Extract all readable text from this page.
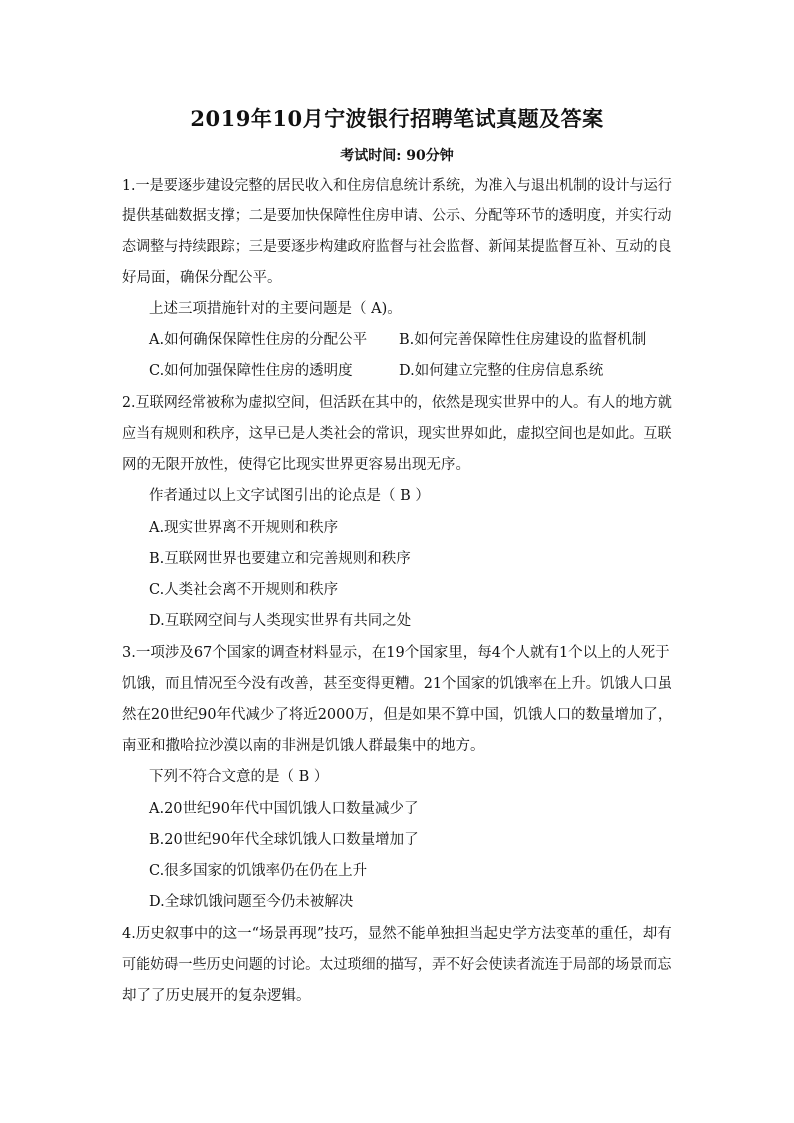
2019年10月宁波银行招聘笔试真题及答案
考试时间: 90分钟
1.一是要逐步建设完整的居民收入和住房信息统计系统，为准入与退出机制的设计与运行
提供基础数据支撑；二是要加快保障性住房申请、公示、分配等环节的透明度，并实行动
态调整与持续跟踪；三是要逐步构建政府监督与社会监督、新闻某提监督互补、互动的良
好局面，确保分配公平。
上述三项措施针对的主要问题是（ A)。
A.如何确保保障性住房的分配公平 B.如何完善保障性住房建设的监督机制
C.如何加强保障性住房的透明度	D.如何建立完整的住房信息系统
2.互联网经常被称为虚拟空间，但活跃在其中的，依然是现实世界中的人。有人的地方就
应当有规则和秩序，这早已是人类社会的常识，现实世界如此，虚拟空间也是如此。互联
网的无限开放性，使得它比现实世界更容易出现无序。
作者通过以上文字试图引出的论点是（ B ）
A.现实世界离不开规则和秩序
B.互联网世界也要建立和完善规则和秩序
C.人类社会离不开规则和秩序
D.互联网空间与人类现实世界有共同之处
3.一项涉及67个国家的调查材料显示，在19个国家里，每4个人就有1个以上的人死于
饥饿，而且情况至今没有改善，甚至变得更糟。21个国家的饥饿率在上升。饥饿人口虽
然在20世纪90年代减少了将近2000万，但是如果不算中国，饥饿人口的数量增加了，
南亚和撒哈拉沙漠以南的非洲是饥饿人群最集中的地方。
下列不符合文意的是（ B ）
A.20世纪90年代中国饥饿人口数量减少了
B.20世纪90年代全球饥饿人口数量增加了
C.很多国家的饥饿率仍在仍在上升
D.全球饥饿问题至今仍未被解决
4.历史叙事中的这一“场景再现”技巧，显然不能单独担当起史学方法变革的重任，却有
可能妨碍一些历史问题的讨论。太过琐细的描写，弄不好会使读者流连于局部的场景而忘
却了了历史展开的复杂逻辑。
